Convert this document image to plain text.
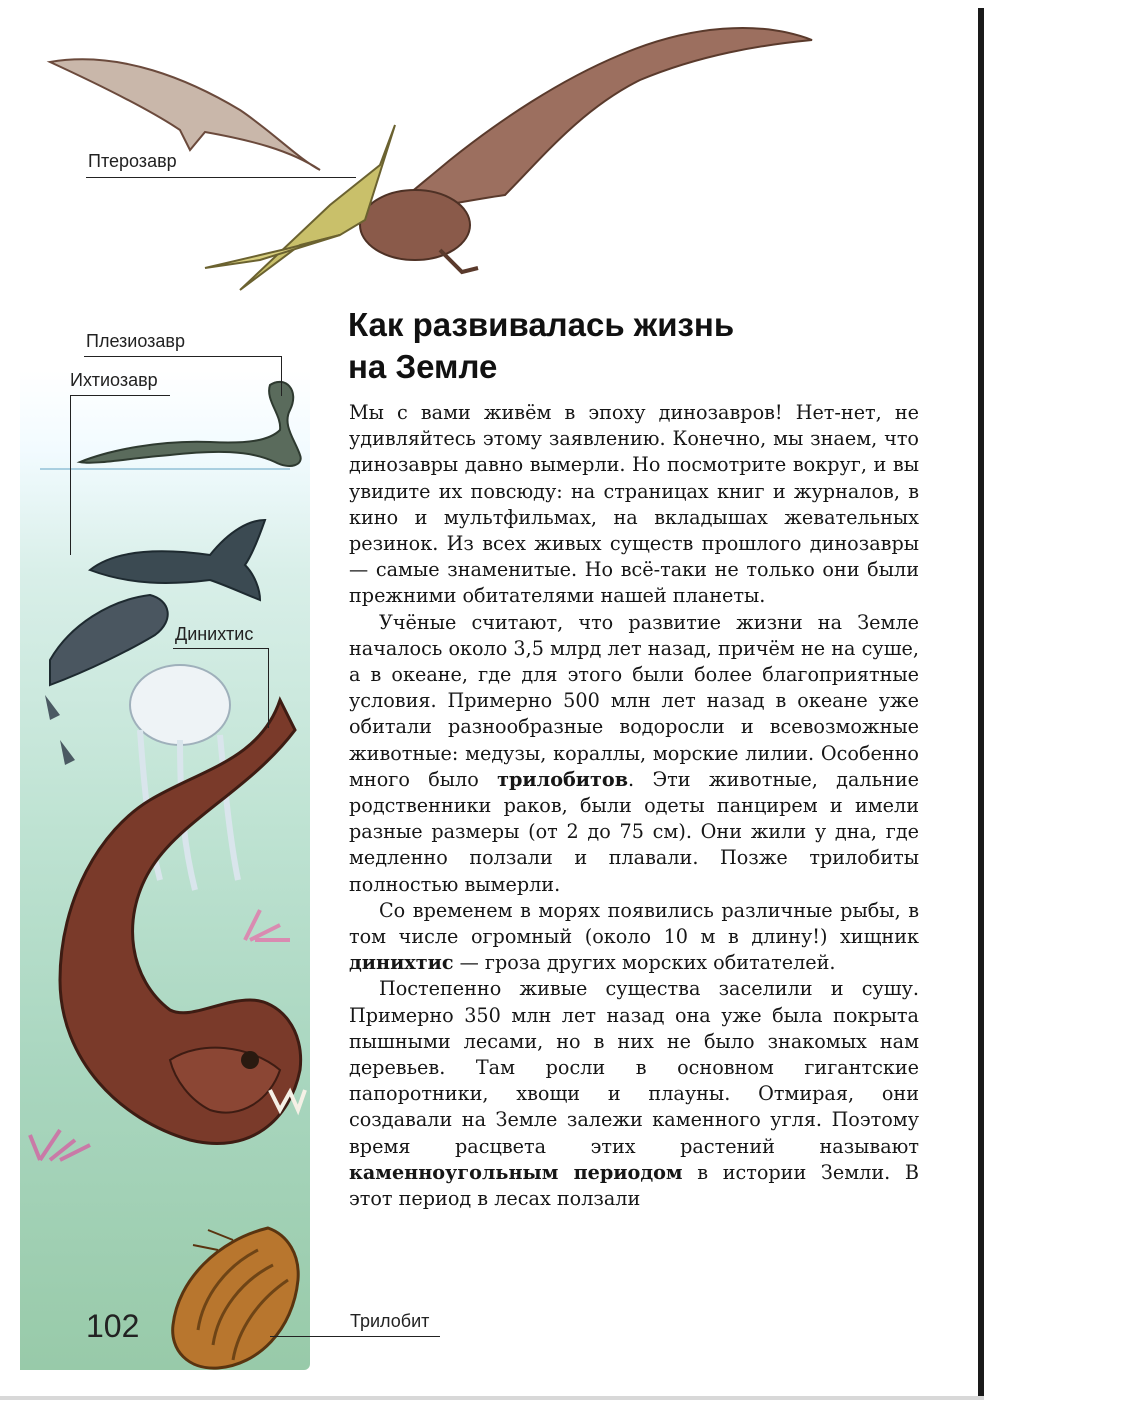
Птерозавр
Плезиозавр
Ихтиозавр
Динихтис
Трилобит
Как развивалась жизнь
на Земле

Мы с вами живём в эпоху динозавров! Нет-нет, не удивляйтесь этому заявлению. Конечно, мы знаем, что динозавры давно вымерли. Но посмотрите вокруг, и вы увидите их повсюду: на страницах книг и журналов, в кино и мультфильмах, на вкладышах жевательных резинок. Из всех живых существ прошлого динозавры — самые знаменитые. Но всё-таки не только они были прежними обитателями нашей планеты.

Учёные считают, что развитие жизни на Земле началось около 3,5 млрд лет назад, причём не на суше, а в океане, где для этого были более благоприятные условия. Примерно 500 млн лет назад в океане уже обитали разнообразные водоросли и всевозможные животные: медузы, кораллы, морские лилии. Особенно много было трилобитов. Эти животные, дальние родственники раков, были одеты панцирем и имели разные размеры (от 2 до 75 см). Они жили у дна, где медленно ползали и плавали. Позже трилобиты полностью вымерли.

Со временем в морях появились различные рыбы, в том числе огромный (около 10 м в длину!) хищник динихтис — гроза других морских обитателей.

Постепенно живые существа заселили и сушу. Примерно 350 млн лет назад она уже была покрыта пышными лесами, но в них не было знакомых нам деревьев. Там росли в основном гигантские папоротники, хвощи и плауны. Отмирая, они создавали на Земле залежи каменного угля. Поэтому время расцвета этих растений называют каменноугольным периодом в истории Земли. В этот период в лесах ползали

102
